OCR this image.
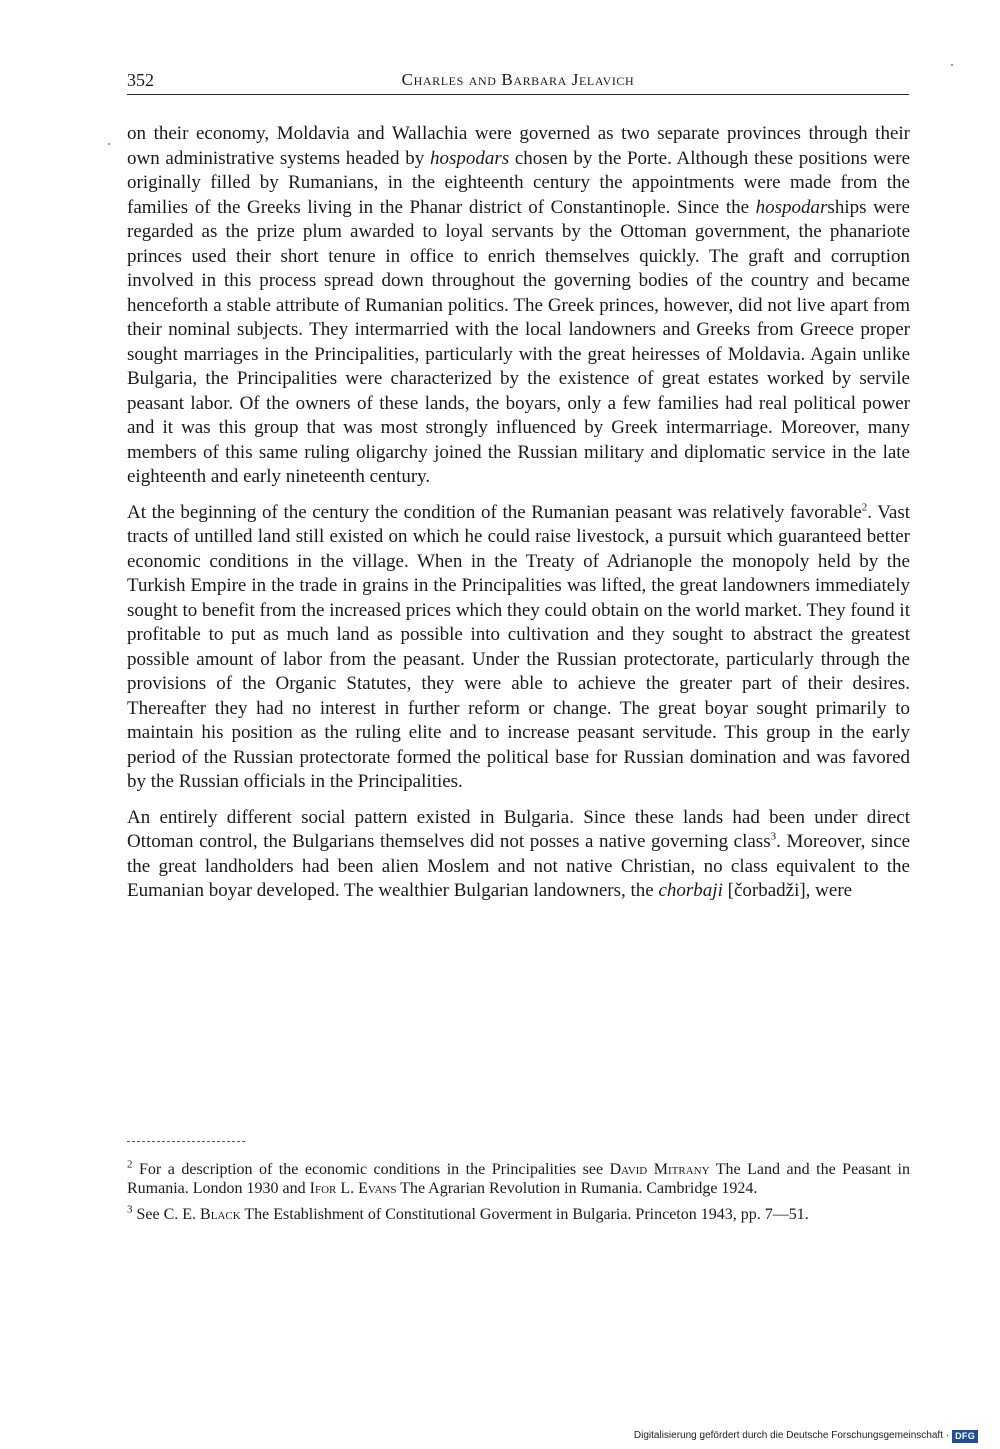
352	Charles and Barbara Jelavich

on their economy, Moldavia and Wallachia were governed as two separate provinces through their own administrative systems headed by hospodars chosen by the Porte. Although these positions were originally filled by Rumanians, in the eighteenth century the appointments were made from the families of the Greeks living in the Phanar district of Constantinople. Since the hospodarships were regarded as the prize plum awarded to loyal servants by the Ottoman government, the phanariote princes used their short tenure in office to enrich themselves quickly. The graft and corruption involved in this process spread down throughout the governing bodies of the country and became henceforth a stable attribute of Rumanian politics. The Greek princes, however, did not live apart from their nominal subjects. They intermarried with the local landowners and Greeks from Greece proper sought marriages in the Principalities, particularly with the great heiresses of Moldavia. Again unlike Bulgaria, the Principalities were characterized by the existence of great estates worked by servile peasant labor. Of the owners of these lands, the boyars, only a few families had real political power and it was this group that was most strongly influenced by Greek intermarriage. Moreover, many members of this same ruling oligarchy joined the Russian military and diplomatic service in the late eighteenth and early nineteenth century.

At the beginning of the century the condition of the Rumanian peasant was relatively favorable$^2$. Vast tracts of untilled land still existed on which he could raise livestock, a pursuit which guaranteed better economic conditions in the village. When in the Treaty of Adrianople the monopoly held by the Turkish Empire in the trade in grains in the Principalities was lifted, the great landowners immediately sought to benefit from the increased prices which they could obtain on the world market. They found it profitable to put as much land as possible into cultivation and they sought to abstract the greatest possible amount of labor from the peasant. Under the Russian protectorate, particularly through the provisions of the Organic Statutes, they were able to achieve the greater part of their desires. Thereafter they had no interest in further reform or change. The great boyar sought primarily to maintain his position as the ruling elite and to increase peasant servitude. This group in the early period of the Russian protectorate formed the political base for Russian domination and was favored by the Russian officials in the Principalities.

An entirely different social pattern existed in Bulgaria. Since these lands had been under direct Ottoman control, the Bulgarians themselves did not posses a native governing class$^3$. Moreover, since the great landholders had been alien Moslem and not native Christian, no class equivalent to the Eumanian boyar developed. The wealthier Bulgarian landowners, the chorbaji [čorbadži], were

$^2$ For a description of the economic conditions in the Principalities see David Mitrany The Land and the Peasant in Rumania. London 1930 and Ifor L. Evans The Agrarian Revolution in Rumania. Cambridge 1924.

$^3$ See C. E. Black The Establishment of Constitutional Goverment in Bulgaria. Princeton 1943, pp. 7—51.

Digitalisierung gefördert durch die Deutsche Forschungsgemeinschaft · DFG
